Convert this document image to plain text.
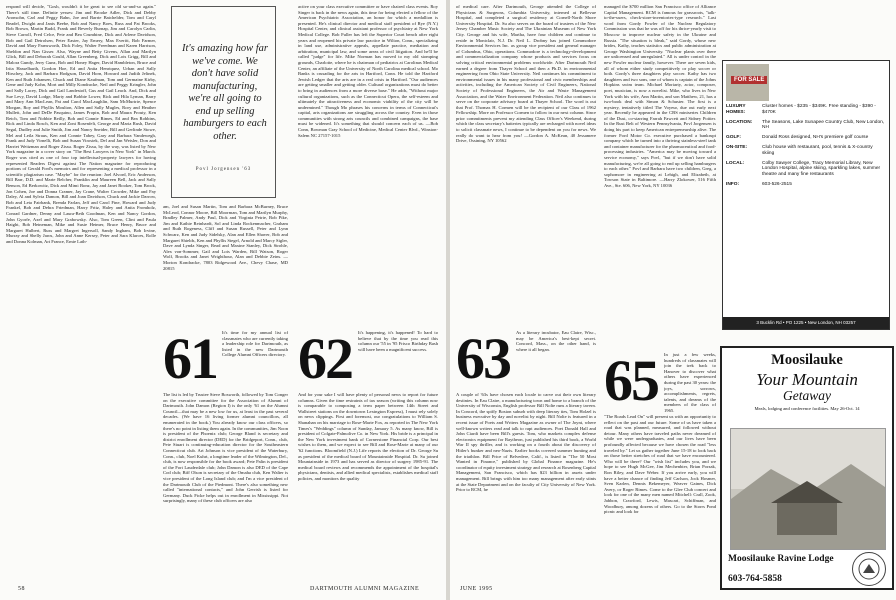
respond will decide, "Gosh, wouldn't it be great to see old so-and-so again." There's still time. Definite yesses: Jim and Brooke Adler, Dick and Debby Aronsohn, Carl and Peggy Bahn, Joe and Barrie Batchelder, Tom and Caryl Beadel, Dwight and Janis Beebe, Bob and Nancy Boes, Russ and Pat Brooks, Bob Brown, Martin Budd, Frank and Beverly Burnap, Jim and Carolyn Carlin, Steve Carroll, Fred Celce, Pete and Bea Crumbine, Dick and Arlene Davidson, Bob and Gail Detrolsen, Peter Easter, Jay Emery, Max Everitt, Bob Farmer, David and Mary Farnsworth, Dick Foley, Walter Freedman and Karen Harrison, Sheldon and Nan Gisser. Also, Wayne and Betty Givens, Allan and Marilyn Glick, Bill and Deborah Gould, Allan Greenberg, Dick and Lois Grigg, Bill and Malora Gundy, Jerry Gunz, Bob and Honey Hager, David Hambleton, Bruce and Irita Hasselbarth, Gordon Hoe, Ed and Anita Henriquez, Urban and Sally Hirschey, Jack and Barbara Hodgson, David Horn, Howard and Judith Jelinek, Ken and Ruth Johansen, Chuck and Diane Kaufman, Tom and Germaine Kirby, Gene and Judy Kohn, Mort and Milly Kondracke, Neil and Peggy Kringler, John and Sally Lacey, Dick and Gail Landestoff, Gus and Gail Leach. And, Dick and Sue Levy, David Lodge, Marty and Bobbie Lower, Rick and Hila Lyman, Barry and Mary Ann MacLean, Pat and Carol MacLaughlin, Sam McMurtrie, Spence Morgan, Roy and Phyllis Moulton, Allen and Sally Mugles, Rory and Heather Mullett, John and DeDe Pasquino, James Propin, Bob and Maura Prouty, Ken Reich, Tom and Nobbie Reilly, Bob and Connie Rimes, Ed and Bea Robbins, Rick and Linda Rosch, Ken and Zoni Rosenfelt, George and Maria Rush, David Segal, Dudley and Julie Smith, Jim and Nancy Sneider, Bill and Gerlinde Stowe, Mel and Leila Straus, Ken and Connie Tabey, Gary and Barbara Vandewegh, Frank and Judy Virnelli, Bob and Susan Virostek, Del and Jan Weisler, Don and Harriet Weitzman and Roger Zissu. Roger Zissu, by the way, was listed by New York magazine in a cover story on "The Best Lawyers in New York" in March. Roger was cited as one of four top intellectual-property lawyers for having represented Readers Digest against The Nation magazine for reproducing portions of Gerald Ford's memoirs and for representing a medical professor in a scientific plagiarism case. "Maybe" for the reunion: Joel Alvord, Eric Anderson, Bill Barr, D.D. and Marie Belcher, Franklin and Maureen Bell, Jack and Sally Benson, Ed Berkowitz, Dick and Mimi Bonz, Jay and Janet Booker, Tom Brock, Jon Cohen, Joe and Donna Cramer, Jay Crane, Walter Crowder, Mike and Fay Daley, Al and Sylvia Damon, Bill and Joan Davidson, Chuck and Jackie Darrow, Bob and Leta Fairbank, Brenda Farlan, Jeff and Carol Fine, Howard and Judy Frankel, Bob and Debra Friedman, Harry Fritz, Haley and Anita Fromholz, Conrad Gardner, Denny and Laura-Beth Goodman, Ken and Nancy Gordon, John Gyorfe, Axel and Mary Grabowsky. Also, Tom Green, Clint and Paula Haight, Bob Heineman, Mike and Susie Heimer, Bruce Henry, Bruce and Margaret Hulbert, Russ and Margret Ingersoll, Sandy Ingham, Bob Irvine, Murray and Shelly Jaros, John and Anne Kersey, Peter and Sara Klarces, Rolle and Donna Kolman, Art France, Ernie Lath-
It's amazing how far we've come. We don't have solid manufacturing, we're all going to end up selling hamburgers to each other.
Povl Jorgensen '63
am, Joel and Susan Martin, Tom and Barbara McBurney, Bruce McLeod, Connor Moore, Bill Moorman, Tom and Marilyn Murphy, Bradley Palmer, Andy Paul, Dick and Virginia Petrie, Bob Pike, Jim and Kathie Reinhardt, Sol and Linda Rockenmacher, Graham and Ruth Rogeness, Cliff and Susan Russell, Peter and Lynn Schwarz, Ken and Judy Sidelsky, Alan and Ellen Shaver, Bob and Margaret Shields, Ken and Phyllis Siegel, Arnold and Marcy Sigler, Dave and Lynda Singer, Read and Maxine Stanley, Dick Strohle, Alex von-Sommer, Gail and Lois Warden, Bill Watson, Roger Wolf, Brooks and Janet Wrighthour, Alan and Debbie Zeins. —Morton Kondracke, 7803 Ridgewood Ave., Chevy Chase, MD 20815
61 It's time for my annual list of classmates who are currently taking a leadership role for Dartmouth, as listed in the new Dartmouth College Alumni Officers directory.
The list is led by Trustee Steve Bosworth, followed by Tom Conger on the executive committee for the Association of Alumni of Dartmouth. John Damon (Region I) is the only '61 on the Alumni Council—that may be a new low for us, at least in the past several decades. (We have 16 living former alumni councillors, all enumerated in the book.) You already know our class officers, so there's no point in listing them again. In the communities, Jim Noon is president of the Phoenix club; George Bland is secretary and district enrollment director (DED) for the Bridgeport, Conn., club, Pete Stuart is continuing-education director for the Southeastern Connecticut club. Art Johnson is vice president of the Waterbury, Conn., club, Noel Kuhrt, a longtime leader of the Wilmington, Del., club, is now responsible for the book award; Pete Palin is president of the Fort Lauderdale club; John Damon is also DED of the Cape Cod club; Biff Olson is secretary of the Omaha club, Ken Walter is vice president of the Long Island club; and I'm a vice president of the Dartmouth Club of the Piedmont. There's also something new called "international contacts," and John Gerrish is listed for Germany. Duck Ficke helps out in enrollment in Mississippi. Not surprisingly, many of these club officers are also
active on your class executive committee or have chaired class events. Roy Singer is back in the news again, this time for being elected a fellow of the American Psychiatric Association, an honor for which a medallion is presented. He's clinical director and medical staff president of Rye (N.Y.) Hospital Center, and clinical assistant professor of psychiatry at New York Medical College. Bob Fuller has left the Superior Court bench after eight years and reopened his private law practice in Wilton, Conn., specializing in land use, administrative appeals, appellate practice, mediation and arbitration, municipal law, and some areas of civil litigation. And he'll be called "judge" for life. Mike Norman has moved to my old stomping grounds, Charlotte, where he is chairman of pediatrics at Carolinas Medical Center, an affiliate of the University of North Carolina medical school. Mo Banks is crusading for the arts in Hartford, Conn. He told the Hartford Jewish Ledger that the arts are in a real crisis in Hartford. "Our audiences are getting smaller and getting older. Cultural organizations must do better to bring in audiences from a more diverse base." He adds, "Without major cultural organizations, such as the Connecticut Opera, the self-esteem and ultimately the attractiveness and economic viability of the city will be undermined." Though Mo phrases his concerns in terms of Connecticut's capital, arts organizations are struggling across the country. Even in those communities with strong arts councils and combined campaigns, the base must be widened. It's something that should concern each of us. —Bob Conn, Bowman Gray School of Medicine, Medical Center Blvd., Winston-Salem NC 27157-1015
62 It's happening, it's happened! To hard to believe that by the time you read this column our '55 in '95 Frisco Birthday Bash will have been a magnificent success.
And for your sake I will have plenty of personal news to report for future columns. Given the time restraints of tax season (writing this column now is comparable to composing a term paper between 14th Street and Wallstreet stations on the downtown Lexington Express), I must rely solely on news clippings. First and foremost, our congratulations to William S. Shanahan on his marriage to Rose-Marie Fox, as reported in The New York Times's "Weddings" column of Sunday, January 5. As many know, Bill is president of Colgate-Palmolive Co. in New York. His bride is a principal in the New York investment bank of Cornerstone Financial Corp. Our best wishes to them, and we expect to see Bill and Rose-Marie at many of our '62 functions. Bloomfield (N.J.) Life reports the election of Dr. George Su as president of the medical board of Mountainside Hospital. Dr. Su joined Mountainside in 1973 and has served as director of surgery 1985-91. The medical board reviews and recommends the appointment of the hospital's physicians, dentists, and allied medical specialists, establishes medical staff policies, and monitors the quality
58	DARTMOUTH ALUMNI MAGAZINE
of medical care. After Dartmouth, George attended the College of Physicians & Surgeons, Columbia University, interned at Bellevue Hospital, and completed a surgical residency at Cornell-North Shore University Hospital. Dr. Su also serves on the board of trustees of the New Jersey Chamber Music Society and The Ukrainian Museum of New York City. George and his wife, Martha, have four children and continue to reside in Montclair, N.J. Dr. Neil L. Drobny has joined Commodore Environmental Services Inc. as group vice president and general manager of Columbus, Ohio, operations. Commodore is a technology-development and commercialization company whose products and services focus on solving critical environmental problems worldwide. After Dartmouth Neil earned a degree from Thayer School and then a Ph.D. in environmental engineering from Ohio State University. Neil continues his commitment to environmental issues in his many professional and civic memberships and activities, including the American Society of Civil Engineers, National Society of Professional Engineers, the Air and Waste Management Association, and the Water Environment Federation. Neil also continues to serve on the corporate advisory board at Thayer School. The word is out that Prof. Thomas H. Cormen will be the recipient of our Class of 1962 Fellowship. More on Professor Cormen to follow in our next column. Since prior commitments prevent my attending Class Officer's Weekend, during which the class secretary's batteries typically are recharged with novel ideas to solicit classmate news, I continue to be dependent on you for news. We really do want to hear from you! —Gordon A. McKean, 40 Jessamere Drive, Ossining, NY 10562
63 As a literary incubator, Eau Claire, Wisc., may be America's best-kept secret. Concord, Mass., on the other hand, is where it all began.
A couple of '63s have chosen each locale to carve out their own literary destinies. In Eau Claire, a manufacturing town and home to a branch of the University of Wisconsin, English professor Bill Nolte runs a literary tavern. In Concord, the spiffy Boston suburb with deep literary ties, Tom Holzel is business executive by day and novelist by night. Bill Nolte is featured in a recent issue of Poets and Writers Magazine as owner of The Joynt, where well-known writers read and talk to rapt audiences. Poet Donald Hall and John Ciardi have been Bill's guests. Tom, who markets complex defense electronics equipment for Raytheon, just published his third book, a World War II spy thriller, and is working on a fourth about the discovery of Hitler's bunker and neo-Nazis. Earlier books covered summer hunting and the triathlon. Bill Price of Belvedere, Calif., is listed in "The 50 Most Wanted in Finance," published by Global Finance magazine. He's coordinator of equity investment strategy and research at Rosenberg Capital Management, San Francisco, which has $23 billion in assets under management. Bill brings with him too many management after early stints at the State Department and on the faculty of City University of New York. Prior to RCM, he
managed the $700 million San Francisco office of Alliance Capital Management. RCM is famous for grassroots, "talk-to-the-users, check-store-inventories-type research." Last word from Gordy Fowler of the Nuclear Regulatory Commission was that he was off for his thrice-yearly visit to Moscow to improve nuclear safety in the Ukraine and Russia. "The situation is bleak," said Gordy, whose new brides, Kathy, teaches statistics and public administration at George Washington University. "Nuclear plants over there are unlicensed and unregulated." All is under control in the new Fowler nuclear family, however. There are seven kids, all of whom either study competitively or play soccer or both. Gordy's three daughters play soccer. Kathy has two daughters and two sons, one of whom is captain of the Johns Hopkins swim team. Michael Moriarty, actor, composer, poet, musician, is now a novelist. Mike, who lives in New York with his wife, Ann Martin, and son Matthew, 21, has a two-book deal with Simon & Schuster. The first is a mystery, tentatively titled The Voyeur, due out early next year. Recently he appeared in the CBS miniseries Children of the Dust, co-starring Farrah Fawcett and Sidney Poitier. In the Rust Belt of Western Pennsylvania, Povl Jorgensen is doing his part to keep American entrepreneurship alive. The former Ford Motor Co. executive purchased a bankrupt company which he turned into a thriving stainless-steel tank and container manufacturer for the pharmaceutical and food-processing industries. "America may be moving toward a service economy," says Povl, "but if we don't have solid manufacturing, we're all going to end up selling hamburgers to each other." Povl and Barbara have two children, Greg, a sophomore in engineering at Lehigh, and Elizabeth, at Towson State in Baltimore. —Harry Zlokower, 516 Fifth Ave., Ste. 606, New York, NY 10036
65 In just a few weeks, hundreds of classmates will join the trek back to Hanover to discover what others have experienced during the past 30 years: the joys, sorrows, accomplishments, regrets, talents, and dreams of the members of the class of 1965.
"The Roads Lead On" will present us with an opportunity to reflect on the past and our future. Some of us have taken a road that was planned, measured, and followed without detour. Many others have traveled paths never dreamed of while we were undergraduates, and our lives have been profoundly affected because we have chosen the road "less traveled by." Let us gather together June 15-18 to look back on those better stretches of road that we have encountered. Who will be there? Our "wish list" includes you, and we hope to see Hugh McGee, Jim Mechenbier, Brian Porzak, Ron Riley, and Dave Weber. If you arrive early, you will have a better chance of finding Jeff Carlson, Jock Hosmer, Sven Karlen, Dennis Bekemeyer, Weaver Gaines, Dick Avery, or Roger Rimes. Come to the Glee Club concert and look for one of the many men named Mitchell: Crall, Zook, Jabbon, Crawford, Lewis, Mascari, Schiffman, and Woodbury, among dozens of others. Go to the Storrs Pond picnic and look for
JUNE 1995
FOR SALE
LUXURY HOMES:
Cluster homes - $235 - $349K. Free standing - $390 - $470K
LOCATION:	The Seasons, Lake Sunapee Country Club, New London, NH
GOLF:	Donald Ross designed, NH's premiere golf course
ON-SITE:	Club house with restaurant, pool, tennis & X-country skiing
LOCAL:	Colby Sawyer College, Tracy Memorial Library, New London Hospital, alpine skiing, sparkling lakes, summer theatre and many fine restaurants
INFO:	603-526-2515
3 Bucklin Rd • PO 1225 • New London, NH 03257
Moosilauke
Your Mountain
Getaway
Meals, lodging and conference facilities. May 26-Oct. 14
Moosilauke Ravine Lodge
603-764-5858
